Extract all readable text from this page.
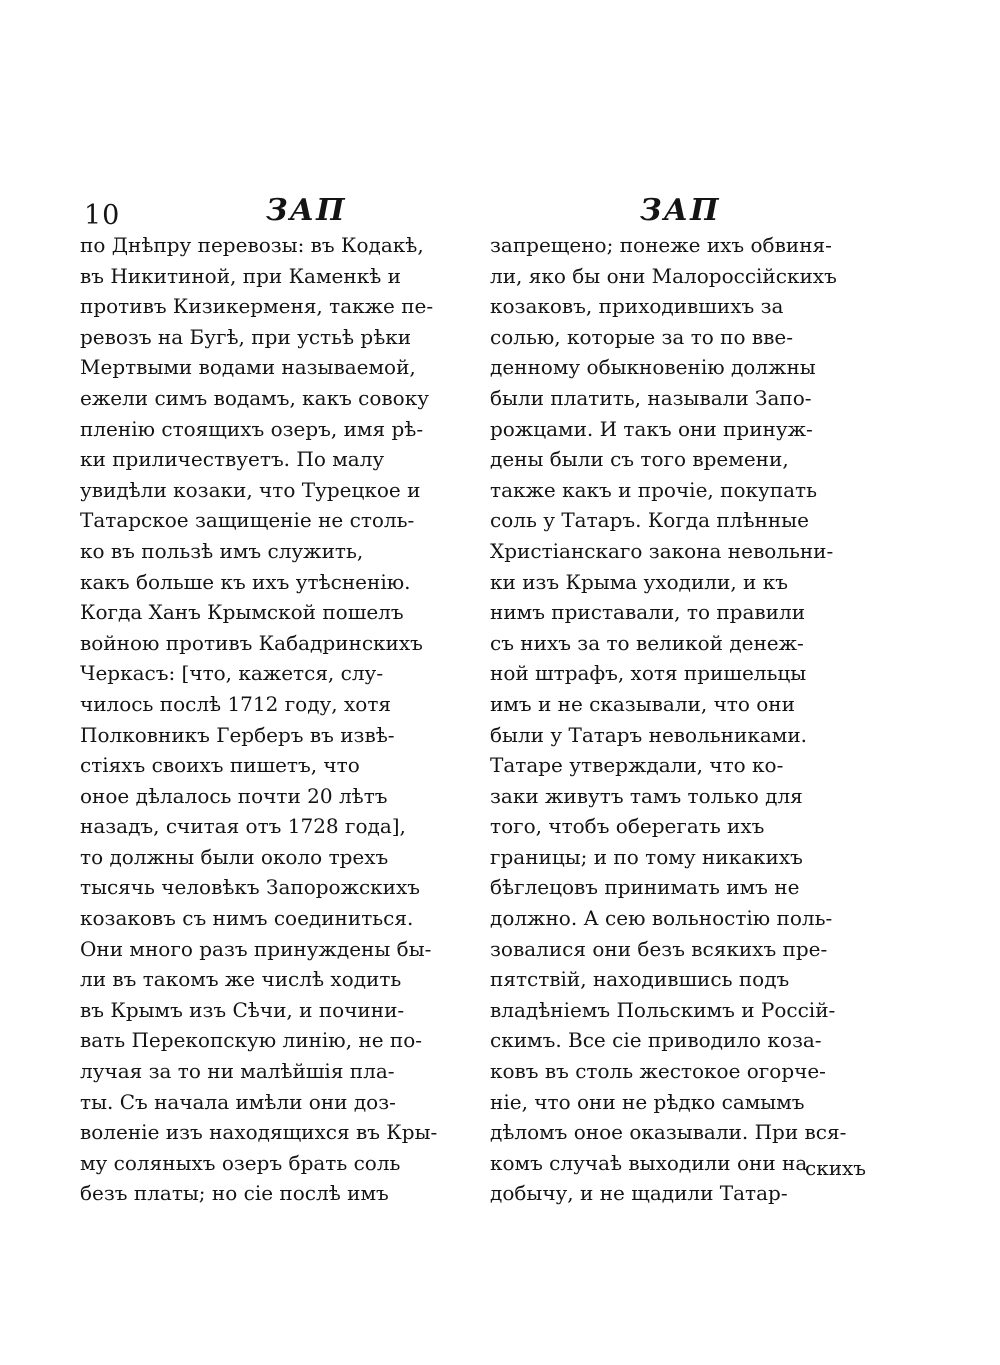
10	ЗАП	ЗАП
по Днѣпру перевозы: въ Кодакѣ,
въ Никитиной, при Каменкѣ и
противъ Кизикерменя, также пе-
ревозъ на Бугѣ, при устьѣ рѣки
Мертвыми водами называемой,
ежели симъ водамъ, какъ совоку
пленію стоящихъ озеръ, имя рѣ-
ки приличествуетъ. По малу
увидѣли козаки, что Турецкое и
Татарское защищеніе не столь-
ко въ пользѣ имъ служить,
какъ больше къ ихъ утѣсненію.
Когда Ханъ Крымской пошелъ
войною противъ Кабадринскихъ
Черкасъ: [что, кажется, слу-
чилось послѣ 1712 году, хотя
Полковникъ Герберъ въ извѣ-
стіяхъ своихъ пишетъ, что
оное дѣлалось почти 20 лѣтъ
назадъ, считая отъ 1728 года],
то должны были около трехъ
тысячь человѣкъ Запорожскихъ
козаковъ съ нимъ соединиться.
Они много разъ принуждены бы-
ли въ такомъ же числѣ ходить
въ Крымъ изъ Сѣчи, и почини-
вать Перекопскую линію, не по-
лучая за то ни малѣйшія пла-
ты. Съ начала имѣли они доз-
воленіе изъ находящихся въ Кры-
му соляныхъ озеръ брать соль
безъ платы; но сіе послѣ имъ
запрещено; понеже ихъ обвиня-
ли, яко бы они Малороссійскихъ
козаковъ, приходившихъ за
солью, которые за то по вве-
денному обыкновенію должны
были платить, называли Запо-
рожцами. И такъ они принуж-
дены были съ того времени,
также какъ и прочіе, покупать
соль у Татаръ. Когда плѣнные
Христіанскаго закона невольни-
ки изъ Крыма уходили, и къ
нимъ приставали, то правили
съ нихъ за то великой денеж-
ной штрафъ, хотя пришельцы
имъ и не сказывали, что они
были у Татаръ невольниками.
Татаре утверждали, что ко-
заки живутъ тамъ только для
того, чтобъ оберегать ихъ
границы; и по тому никакихъ
бѣглецовъ принимать имъ не
должно. А сею вольностію поль-
зовалися они безъ всякихъ пре-
пятствій, находившись подъ
владѣніемъ Польскимъ и Россій-
скимъ. Все сіе приводило коза-
ковъ въ столь жестокое огорче-
ніе, что они не рѣдко самымъ
дѣломъ оное оказывали. При вся-
комъ случаѣ выходили они на
добычу, и не щадили Татар-
скихъ
